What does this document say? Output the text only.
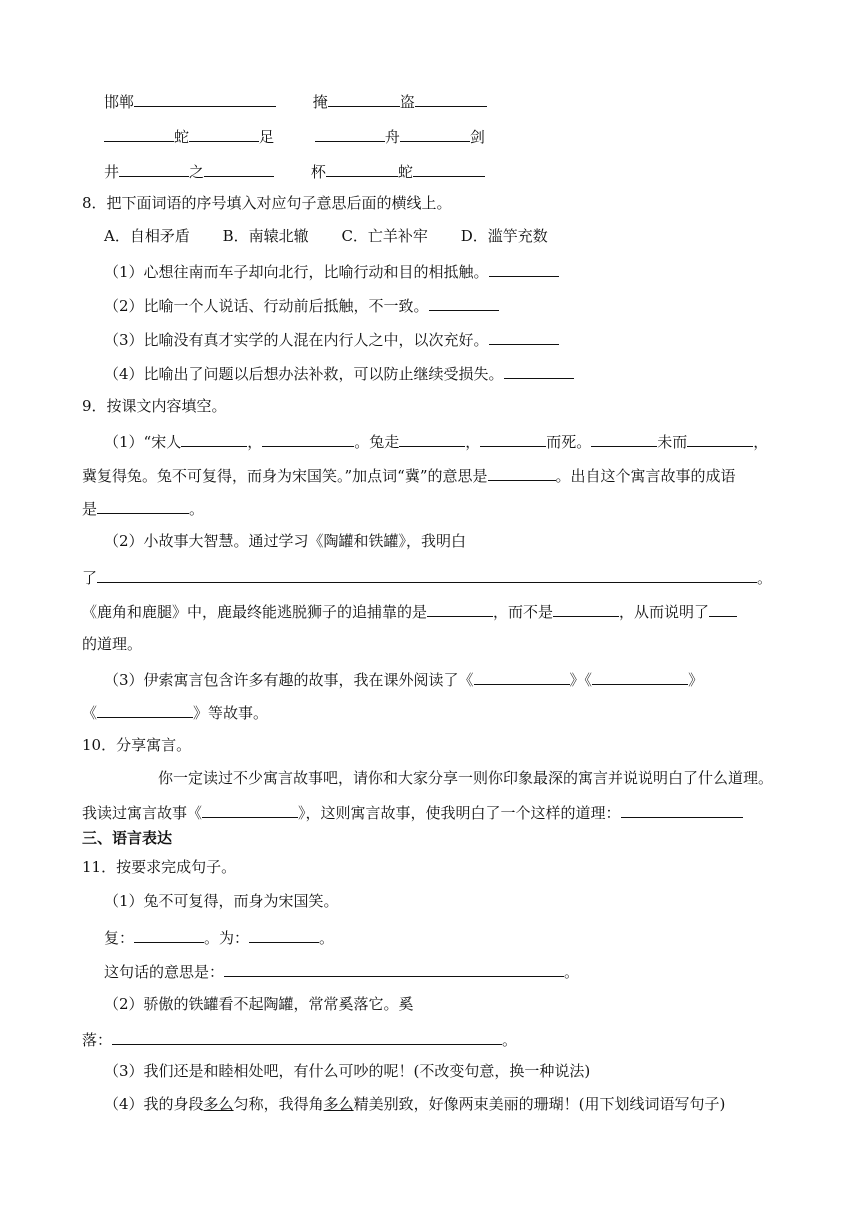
邯郸	掩	盗
蛇	足	舟	剑
井	之	杯	蛇
8．把下面词语的序号填入对应句子意思后面的横线上。
A．自相矛盾 B．南辕北辙 C．亡羊补牢 D．滥竽充数
（1）心想往南而车子却向北行，比喻行动和目的相抵触。
（2）比喻一个人说话、行动前后抵触，不一致。
（3）比喻没有真才实学的人混在内行人之中，以次充好。
（4）比喻出了问题以后想办法补救，可以防止继续受损失。
9．按课文内容填空。
（1）“宋人	，	。兔走	，	而死。	未而	，
冀复得兔。兔不可复得，而身为宋国笑。”加点词“冀”的意思是	。出自这个寓言故事的成语
是	。
（2）小故事大智慧。通过学习《陶罐和铁罐》，我明白
了	。
《鹿角和鹿腿》中，鹿最终能逃脱狮子的追捕靠的是	，而不是	，从而说明了
的道理。
（3）伊索寓言包含许多有趣的故事，我在课外阅读了《	》《	》
《	》等故事。
10．分享寓言。
你一定读过不少寓言故事吧，请你和大家分享一则你印象最深的寓言并说说明白了什么道理。
我读过寓言故事《	》，这则寓言故事，使我明白了一个这样的道理：
三、语言表达
11．按要求完成句子。
（1）兔不可复得，而身为宋国笑。
复：	。为：	。
这句话的意思是：	。
（2）骄傲的铁罐看不起陶罐，常常奚落它。奚
落：	。
（3）我们还是和睦相处吧，有什么可吵的呢！(不改变句意，换一种说法)
（4）我的身段多么匀称，我得角多么精美别致，好像两束美丽的珊瑚！(用下划线词语写句子)
